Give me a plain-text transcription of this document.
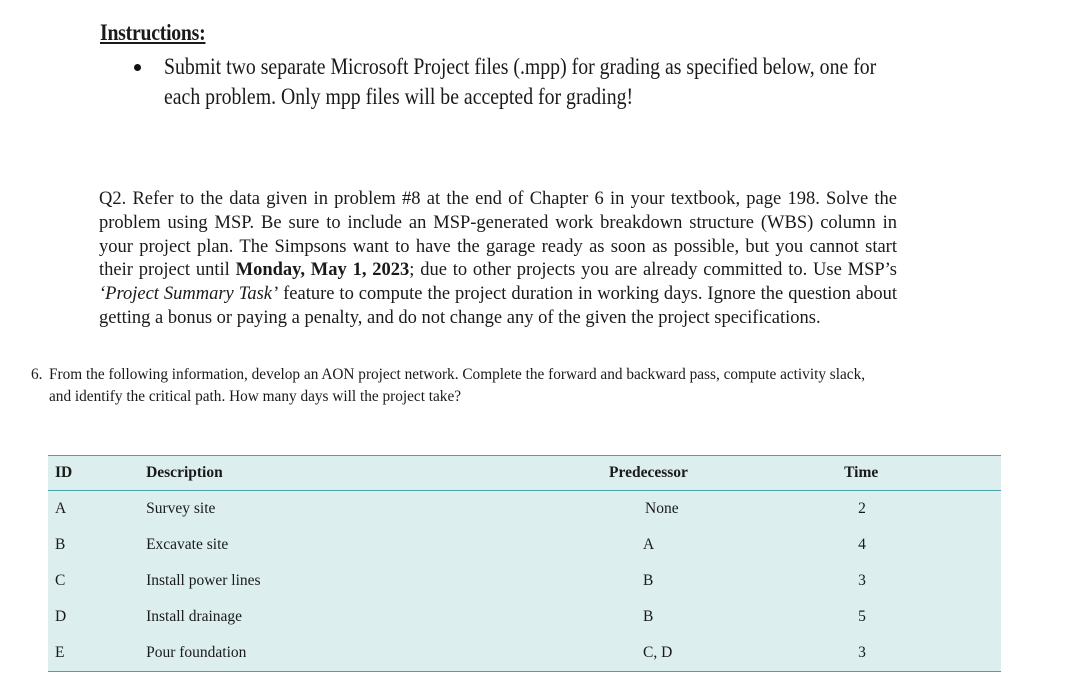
Instructions:

Submit two separate Microsoft Project files (.mpp) for grading as specified below, one for each problem. Only mpp files will be accepted for grading!

Q2. Refer to the data given in problem #8 at the end of Chapter 6 in your textbook, page 198. Solve the problem using MSP. Be sure to include an MSP-generated work breakdown structure (WBS) column in your project plan. The Simpsons want to have the garage ready as soon as possible, but you cannot start their project until Monday, May 1, 2023; due to other projects you are already committed to. Use MSP’s ‘Project Summary Task’ feature to compute the project duration in working days. Ignore the question about getting a bonus or paying a penalty, and do not change any of the given the project specifications.

6. From the following information, develop an AON project network. Complete the forward and backward pass, compute activity slack,
and identify the critical path. How many days will the project take?
ID	Description	Predecessor	Time
A	Survey site	None	2
B	Excavate site	A	4
C	Install power lines	B	3
D	Install drainage	B	5
E	Pour foundation	C, D	3
